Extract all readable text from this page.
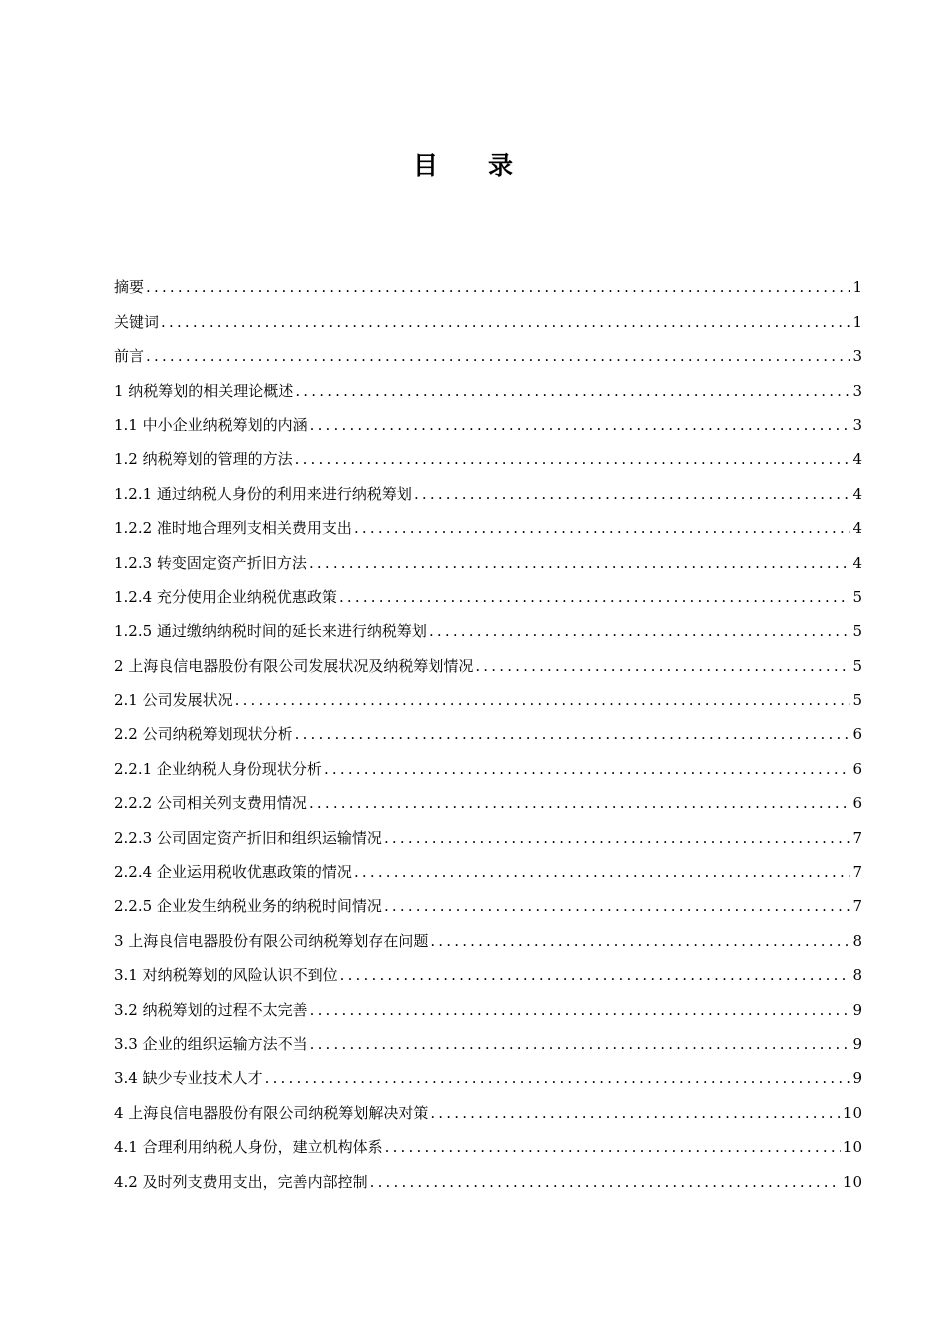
目录
摘要 .....	1
关键词 .....	1
前言 .....	3
1 纳税筹划的相关理论概述 .....	3
1.1 中小企业纳税筹划的内涵 .....	3
1.2 纳税筹划的管理的方法 .....	4
1.2.1 通过纳税人身份的利用来进行纳税筹划 .....	4
1.2.2 准时地合理列支相关费用支出 .....	4
1.2.3 转变固定资产折旧方法 .....	4
1.2.4 充分使用企业纳税优惠政策 .....	5
1.2.5 通过缴纳纳税时间的延长来进行纳税筹划 .....	5
2 上海良信电器股份有限公司发展状况及纳税筹划情况 .....	5
2.1 公司发展状况 .....	5
2.2 公司纳税筹划现状分析 .....	6
2.2.1 企业纳税人身份现状分析 .....	6
2.2.2 公司相关列支费用情况 .....	6
2.2.3 公司固定资产折旧和组织运输情况 .....	7
2.2.4 企业运用税收优惠政策的情况 .....	7
2.2.5 企业发生纳税业务的纳税时间情况 .....	7
3 上海良信电器股份有限公司纳税筹划存在问题 .....	8
3.1 对纳税筹划的风险认识不到位 .....	8
3.2 纳税筹划的过程不太完善 .....	9
3.3 企业的组织运输方法不当 .....	9
3.4 缺少专业技术人才 .....	9
4 上海良信电器股份有限公司纳税筹划解决对策 .....	10
4.1 合理利用纳税人身份，建立机构体系 .....	10
4.2 及时列支费用支出，完善内部控制 .....	10
